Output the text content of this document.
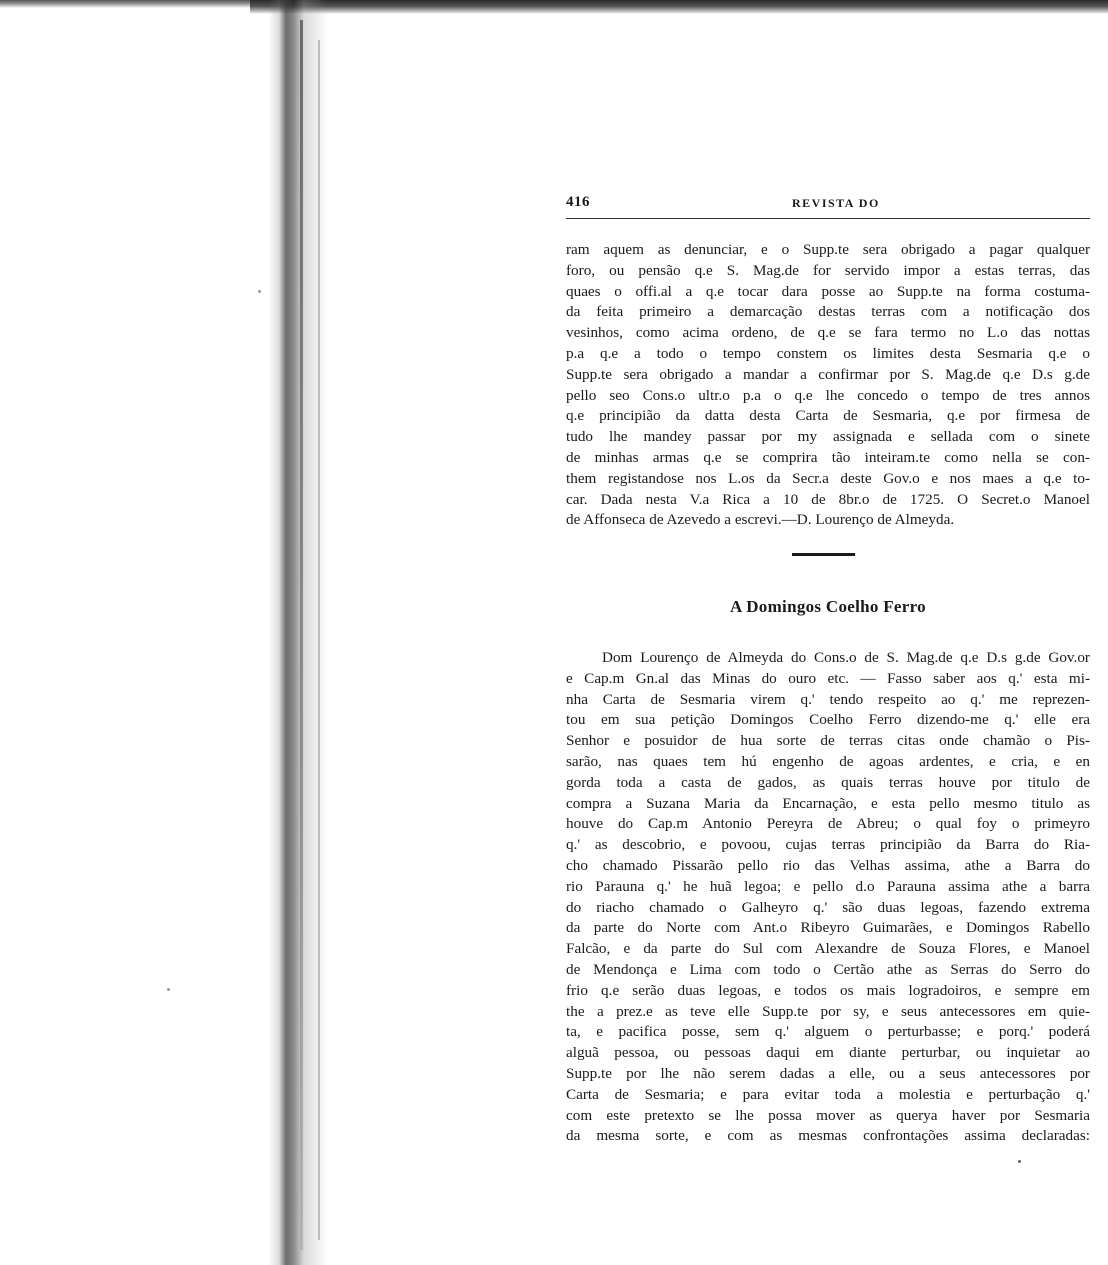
416	REVISTA DO
ram aquem as denunciar, e o Supp.te sera obrigado a pagar qualquer
foro, ou pensão q.e S. Mag.de for servido impor a estas terras, das
quaes o offi.al a q.e tocar dara posse ao Supp.te na forma costuma-
da feita primeiro a demarcação destas terras com a notificação dos
vesinhos, como acima ordeno, de q.e se fara termo no L.o das nottas
p.a q.e a todo o tempo constem os limites desta Sesmaria q.e o
Supp.te sera obrigado a mandar a confirmar por S. Mag.de q.e D.s g.de
pello seo Cons.o ultr.o p.a o q.e lhe concedo o tempo de tres annos
q.e principião da datta desta Carta de Sesmaria, q.e por firmesa de
tudo lhe mandey passar por my assignada e sellada com o sinete
de minhas armas q.e se comprira tão inteiram.te como nella se con-
them registandose nos L.os da Secr.a deste Gov.o e nos maes a q.e to-
car. Dada nesta V.a Rica a 10 de 8br.o de 1725. O Secret.o Manoel
de Affonseca de Azevedo a escrevi.—D. Lourenço de Almeyda.
A Domingos Coelho Ferro
Dom Lourenço de Almeyda do Cons.o de S. Mag.de q.e D.s g.de Gov.or
e Cap.m Gn.al das Minas do ouro etc. — Fasso saber aos q.' esta mi-
nha Carta de Sesmaria virem q.' tendo respeito ao q.' me reprezen-
tou em sua petição Domingos Coelho Ferro dizendo-me q.' elle era
Senhor e posuidor de hua sorte de terras citas onde chamão o Pis-
sarão, nas quaes tem hú engenho de agoas ardentes, e cria, e en
gorda toda a casta de gados, as quais terras houve por titulo de
compra a Suzana Maria da Encarnação, e esta pello mesmo titulo as
houve do Cap.m Antonio Pereyra de Abreu; o qual foy o primeyro
q.' as descobrio, e povoou, cujas terras principião da Barra do Ria-
cho chamado Pissarão pello rio das Velhas assima, athe a Barra do
rio Parauna q.' he huã legoa; e pello d.o Parauna assima athe a barra
do riacho chamado o Galheyro q.' são duas legoas, fazendo extrema
da parte do Norte com Ant.o Ribeyro Guimarães, e Domingos Rabello
Falcão, e da parte do Sul com Alexandre de Souza Flores, e Manoel
de Mendonça e Lima com todo o Certão athe as Serras do Serro do
frio q.e serão duas legoas, e todos os mais logradoiros, e sempre em
the a prez.e as teve elle Supp.te por sy, e seus antecessores em quie-
ta, e pacifica posse, sem q.' alguem o perturbasse; e porq.' poderá
alguã pessoa, ou pessoas daqui em diante perturbar, ou inquietar ao
Supp.te por lhe não serem dadas a elle, ou a seus antecessores por
Carta de Sesmaria; e para evitar toda a molestia e perturbação q.'
com este pretexto se lhe possa mover as querya haver por Sesmaria
da mesma sorte, e com as mesmas confrontações assima declaradas:
